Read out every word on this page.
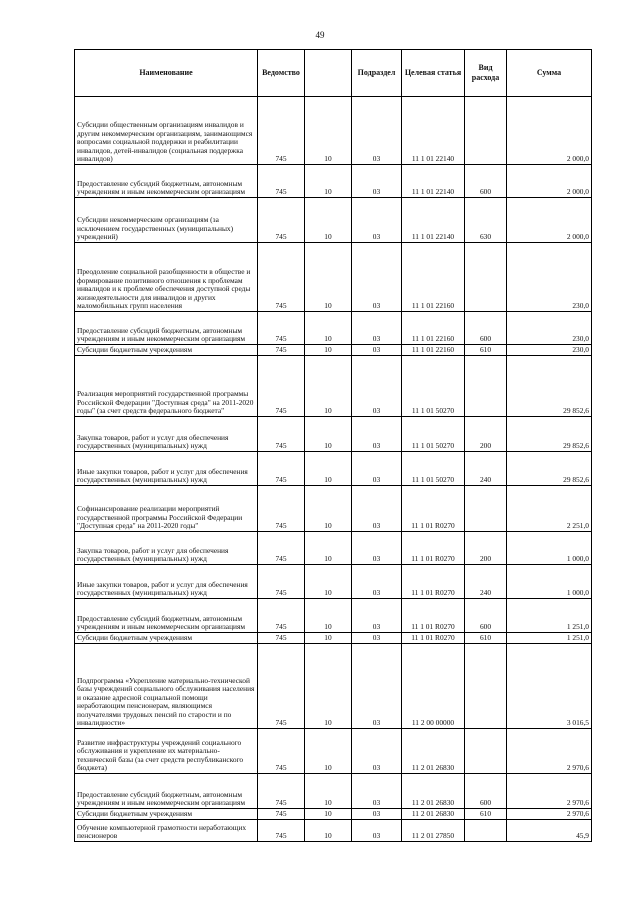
49
Наименование	Ведомство		Подраздел	Целевая статья	Вид расхода	Сумма
Субсидии общественным организациям инвалидов и другим некоммерческим организациям, занимающимся вопросами социальной поддержки и реабилитации инвалидов, детей-инвалидов (социальная поддержка инвалидов)	745	10	03	11 1 01 22140		2 000,0
Предоставление субсидий бюджетным, автономным учреждениям и иным некоммерческим организациям	745	10	03	11 1 01 22140	600	2 000,0
Субсидии некоммерческим организациям (за исключением государственных (муниципальных) учреждений)	745	10	03	11 1 01 22140	630	2 000,0
Преодоление социальной разобщенности в обществе и формирование позитивного отношения к проблемам инвалидов и к проблеме обеспечения доступной среды жизнедеятельности для инвалидов и других маломобильных групп населения	745	10	03	11 1 01 22160		230,0
Предоставление субсидий бюджетным, автономным учреждениям и иным некоммерческим организациям	745	10	03	11 1 01 22160	600	230,0
Субсидии бюджетным учреждениям	745	10	03	11 1 01 22160	610	230,0
Реализация мероприятий государственной программы Российской Федерации "Доступная среда" на 2011-2020 годы" (за счет средств федерального бюджета"	745	10	03	11 1 01 50270		29 852,6
Закупка товаров, работ и услуг для обеспечения государственных (муниципальных) нужд	745	10	03	11 1 01 50270	200	29 852,6
Иные закупки товаров, работ и услуг для обеспечения государственных (муниципальных) нужд	745	10	03	11 1 01 50270	240	29 852,6
Софинансирование реализации мероприятий государственной программы Российской Федерации "Доступная среда" на 2011-2020 годы"	745	10	03	11 1 01 R0270		2 251,0
Закупка товаров, работ и услуг для обеспечения государственных (муниципальных) нужд	745	10	03	11 1 01 R0270	200	1 000,0
Иные закупки товаров, работ и услуг для обеспечения государственных (муниципальных) нужд	745	10	03	11 1 01 R0270	240	1 000,0
Предоставление субсидий бюджетным, автономным учреждениям и иным некоммерческим организациям	745	10	03	11 1 01 R0270	600	1 251,0
Субсидии бюджетным учреждениям	745	10	03	11 1 01 R0270	610	1 251,0
Подпрограмма «Укрепление материально-технической базы учреждений социального обслуживания населения и оказание адресной социальной помощи неработающим пенсионерам, являющимся получателями трудовых пенсий по старости и по инвалидности»	745	10	03	11 2 00 00000		3 016,5
Развитие инфраструктуры учреждений социального обслуживания и укрепление их материально-технической базы (за счет средств республиканского бюджета)	745	10	03	11 2 01 26830		2 970,6
Предоставление субсидий бюджетным, автономным учреждениям и иным некоммерческим организациям	745	10	03	11 2 01 26830	600	2 970,6
Субсидии бюджетным учреждениям	745	10	03	11 2 01 26830	610	2 970,6
Обучение компьютерной грамотности неработающих пенсионеров	745	10	03	11 2 01 27850		45,9
